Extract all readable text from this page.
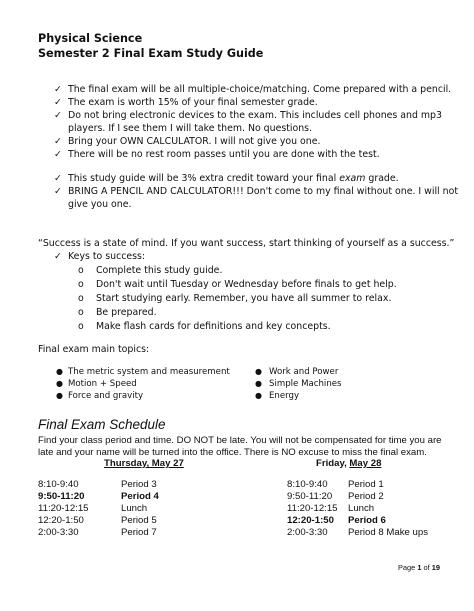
Physical Science
Semester 2 Final Exam Study Guide
✓ The final exam will be all multiple-choice/matching. Come prepared with a pencil.
✓ The exam is worth 15% of your final semester grade.
✓ Do not bring electronic devices to the exam. This includes cell phones and mp3
players. If I see them I will take them. No questions.
✓ Bring your OWN CALCULATOR. I will not give you one.
✓ There will be no rest room passes until you are done with the test.
✓ This study guide will be 3% extra credit toward your final exam grade.
✓ BRING A PENCIL AND CALCULATOR!!! Don't come to my final without one. I will not
give you one.
“Success is a state of mind. If you want success, start thinking of yourself as a success.”
✓ Keys to success:
o Complete this study guide.
o Don't wait until Tuesday or Wednesday before finals to get help.
o Start studying early. Remember, you have all summer to relax.
o Be prepared.
o Make flash cards for definitions and key concepts.
Final exam main topics:
● The metric system and measurement
● Motion + Speed
● Force and gravity
● Work and Power
● Simple Machines
● Energy
Final Exam Schedule
Find your class period and time. DO NOT be late. You will not be compensated for time you are
late and your name will be turned into the office. There is NO excuse to miss the final exam.
Thursday, May 27	Friday, May 28
8:10-9:40	Period 3
9:50-11:20	Period 4
11:20-12:15	Lunch
12:20-1:50	Period 5
2:00-3:30	Period 7
8:10-9:40 Period 1
9:50-11:20 Period 2
11:20-12:15 Lunch
12:20-1:50 Period 6
2:00-3:30 Period 8 Make ups
Page 1 of 19
